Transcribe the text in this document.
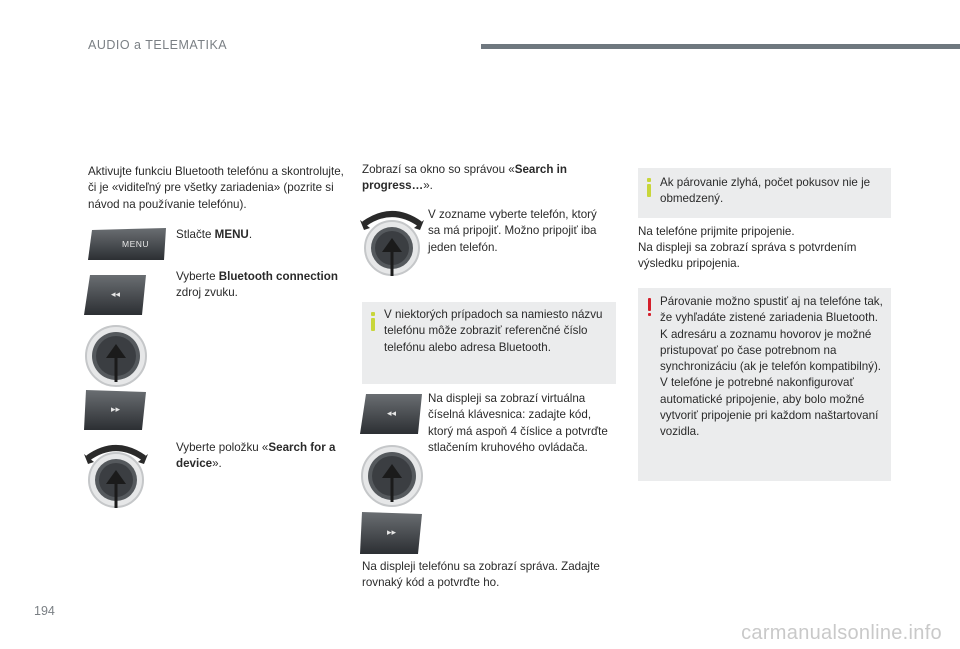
AUDIO a TELEMATIKA
Aktivujte funkciu Bluetooth telefónu a skontrolujte, či je «viditeľný pre všetky zariadenia» (pozrite si návod na používanie telefónu).
MENU
Stlačte MENU.
◂◂
Vyberte Bluetooth connection zdroj zvuku.
▸▸
Vyberte položku «Search for a device».
Zobrazí sa okno so správou «Search in progress…».
V zozname vyberte telefón, ktorý sa má pripojiť. Možno pripojiť iba jeden telefón.
V niektorých prípadoch sa namiesto názvu telefónu môže zobraziť referenčné číslo telefónu alebo adresa Bluetooth.
◂◂
▸▸
Na displeji sa zobrazí virtuálna číselná klávesnica: zadajte kód, ktorý má aspoň 4 číslice a potvrďte stlačením kruhového ovládača.
Na displeji telefónu sa zobrazí správa. Zadajte rovnaký kód a potvrďte ho.
Ak párovanie zlyhá, počet pokusov nie je obmedzený.
Na telefóne prijmite pripojenie.
Na displeji sa zobrazí správa s potvrdením výsledku pripojenia.
Párovanie možno spustiť aj na telefóne tak, že vyhľadáte zistené zariadenia Bluetooth.
K adresáru a zoznamu hovorov je možné pristupovať po čase potrebnom na synchronizáciu (ak je telefón kompatibilný).
V telefóne je potrebné nakonfigurovať automatické pripojenie, aby bolo možné vytvoriť pripojenie pri každom naštartovaní vozidla.
194
carmanualsonline.info
